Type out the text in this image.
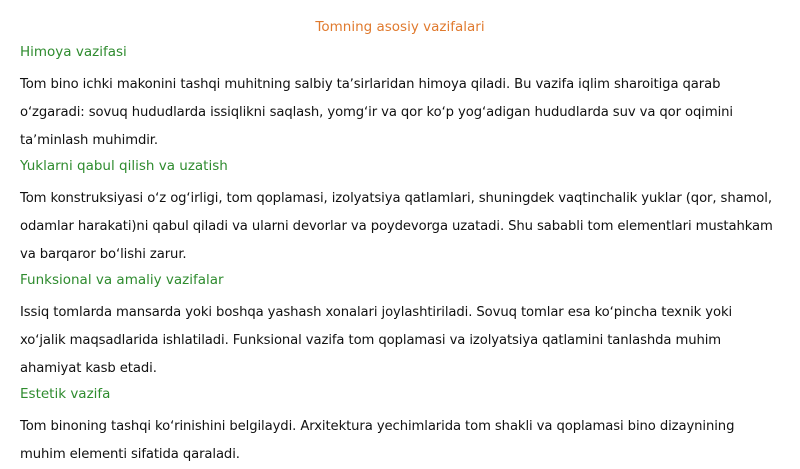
Tomning asosiy vazifalari
Himoya vazifasi

Tom bino ichki makonini tashqi muhitning salbiy taʼsirlaridan himoya qiladi. Bu vazifa iqlim sharoitiga qarab oʻzgaradi: sovuq hududlarda issiqlikni saqlash, yomgʻir va qor koʻp yogʻadigan hududlarda suv va qor oqimini taʼminlash muhimdir.

Yuklarni qabul qilish va uzatish

Tom konstruksiyasi oʻz ogʻirligi, tom qoplamasi, izolyatsiya qatlamlari, shuningdek vaqtinchalik yuklar (qor, shamol, odamlar harakati)ni qabul qiladi va ularni devorlar va poydevorga uzatadi. Shu sababli tom elementlari mustahkam va barqaror boʻlishi zarur.

Funksional va amaliy vazifalar

Issiq tomlarda mansarda yoki boshqa yashash xonalari joylashtiriladi. Sovuq tomlar esa koʻpincha texnik yoki xoʻjalik maqsadlarida ishlatiladi. Funksional vazifa tom qoplamasi va izolyatsiya qatlamini tanlashda muhim ahamiyat kasb etadi.

Estetik vazifa

Tom binoning tashqi koʻrinishini belgilaydi. Arxitektura yechimlarida tom shakli va qoplamasi bino dizaynining muhim elementi sifatida qaraladi.
